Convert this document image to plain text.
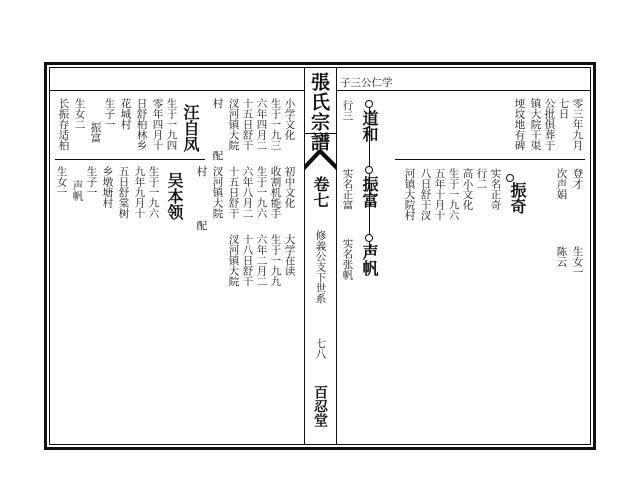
張氏宗譜
卷七
修義公支下世系
七八
百忍堂
子三公仁学
道和
行三
振富
实名正富
声帆
实名张帆
振奇
实名正奇
行二
高小文化
生于一九六
五年十月十
八日舒干汊
河镇大院村	次声娟
生女一
陈云
零三年九月
七日
公批俱葬于
镇大院干渠
埂坟地有碑
登才
小学文化
生于一九三
六年四月二
十五日舒干
汊河镇大院
村
配
初中文化
收割机能手
生于一九六
六年八月二
十五日舒干
汊河镇大院
村
配
大学在读
生于一九九
六年二月二
十八日舒干
汊河镇大院
汪自凤
生于一九四
零年四月十
日舒柏林乡
花城村
生子一
振富
生女二
长振存适柏
吴本领
生于一九六
九年九月十
五日舒棠树
乡墩塘村
生子一
声帆
生女一
